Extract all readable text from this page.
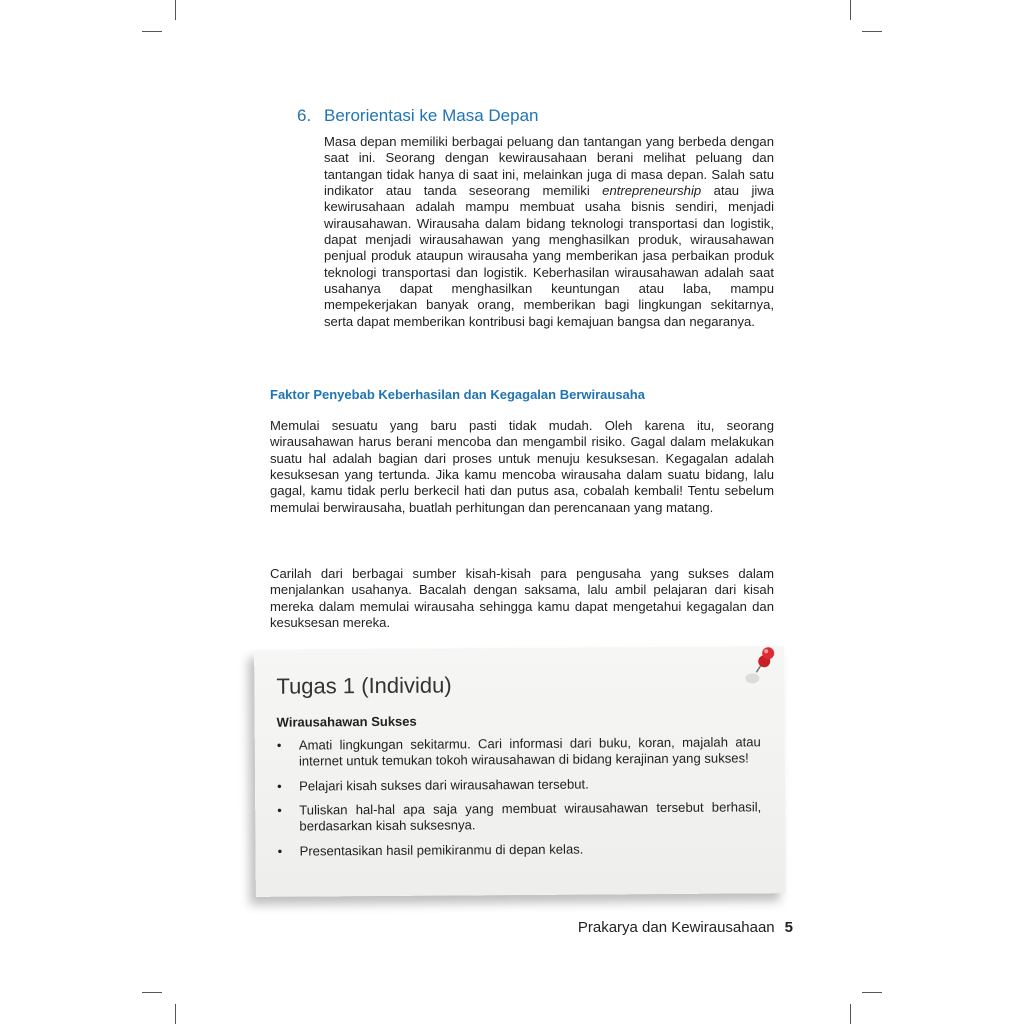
6. Berorientasi ke Masa Depan

Masa depan memiliki berbagai peluang dan tantangan yang berbeda dengan saat ini. Seorang dengan kewirausahaan berani melihat peluang dan tantangan tidak hanya di saat ini, melainkan juga di masa depan. Salah satu indikator atau tanda seseorang memiliki entrepreneurship atau jiwa kewirusahaan adalah mampu membuat usaha bisnis sendiri, menjadi wirausahawan. Wirausaha dalam bidang teknologi transportasi dan logistik, dapat menjadi wirausahawan yang menghasilkan produk, wirausahawan penjual produk ataupun wirausaha yang memberikan jasa perbaikan produk teknologi transportasi dan logistik. Keberhasilan wirausahawan adalah saat usahanya dapat menghasilkan keuntungan atau laba, mampu mempekerjakan banyak orang, memberikan bagi lingkungan sekitarnya, serta dapat memberikan kontribusi bagi kemajuan bangsa dan negaranya.

Faktor Penyebab Keberhasilan dan Kegagalan Berwirausaha

Memulai sesuatu yang baru pasti tidak mudah. Oleh karena itu, seorang wirausahawan harus berani mencoba dan mengambil risiko. Gagal dalam melakukan suatu hal adalah bagian dari proses untuk menuju kesuksesan. Kegagalan adalah kesuksesan yang tertunda. Jika kamu mencoba wirausaha dalam suatu bidang, lalu gagal, kamu tidak perlu berkecil hati dan putus asa, cobalah kembali! Tentu sebelum memulai berwirausaha, buatlah perhitungan dan perencanaan yang matang.

Carilah dari berbagai sumber kisah-kisah para pengusaha yang sukses dalam menjalankan usahanya. Bacalah dengan saksama, lalu ambil pelajaran dari kisah mereka dalam memulai wirausaha sehingga kamu dapat mengetahui kegagalan dan kesuksesan mereka.

Tugas 1 (Individu)
Wirausahawan Sukses
• Amati lingkungan sekitarmu. Cari informasi dari buku, koran, majalah atau internet untuk temukan tokoh wirausahawan di bidang kerajinan yang sukses!
• Pelajari kisah sukses dari wirausahawan tersebut.
• Tuliskan hal-hal apa saja yang membuat wirausahawan tersebut berhasil, berdasarkan kisah suksesnya.
• Presentasikan hasil pemikiranmu di depan kelas.
Prakarya dan Kewirausahaan 5
